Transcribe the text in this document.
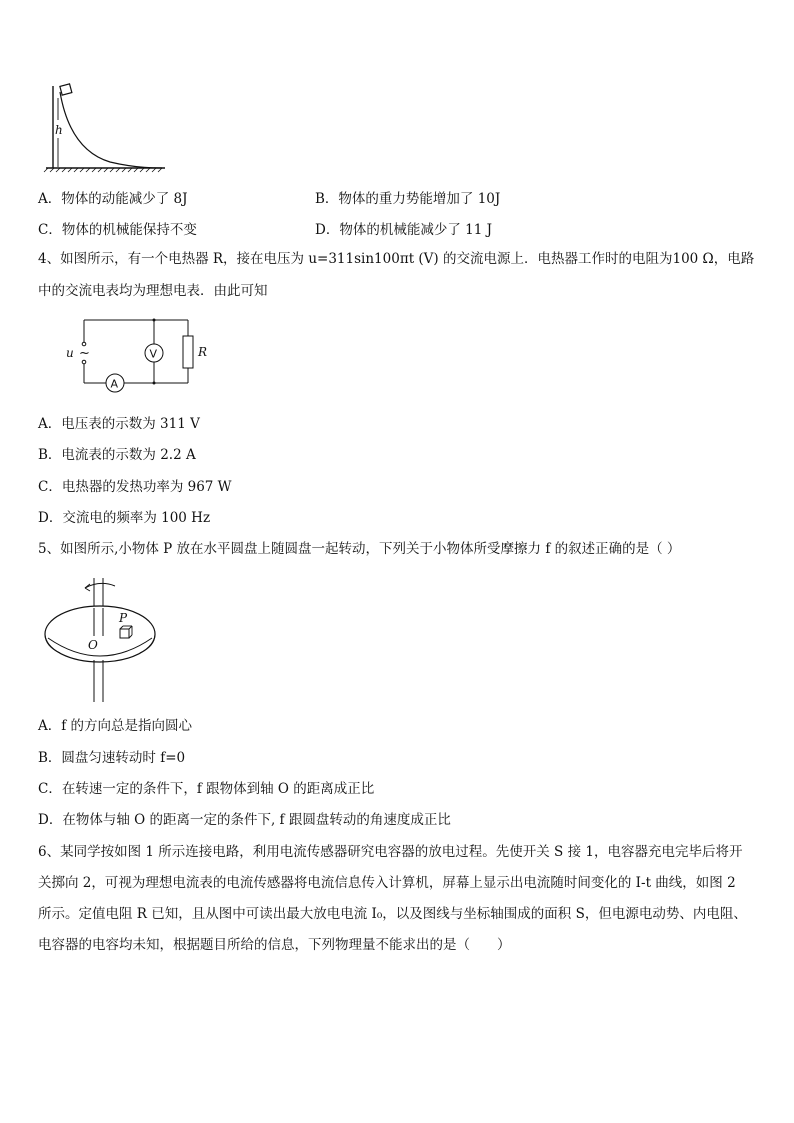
h
A．物体的动能减少了 8J	B．物体的重力势能增加了 10J
C．物体的机械能保持不变	D．物体的机械能减少了 11 J
4、如图所示，有一个电热器 R，接在电压为 u=311sin100πt (V) 的交流电源上．电热器工作时的电阻为100 Ω，电路
中的交流电表均为理想电表．由此可知
u ~	V
A
R
A．电压表的示数为 311 V
B．电流表的示数为 2.2 A
C．电热器的发热功率为 967 W
D．交流电的频率为 100 Hz
5、如图所示,小物体 P 放在水平圆盘上随圆盘一起转动，下列关于小物体所受摩擦力 f 的叙述正确的是（ ）
P
O
A．f 的方向总是指向圆心
B．圆盘匀速转动时 f=0
C．在转速一定的条件下，f 跟物体到轴 O 的距离成正比
D．在物体与轴 O 的距离一定的条件下, f 跟圆盘转动的角速度成正比
6、某同学按如图 1 所示连接电路，利用电流传感器研究电容器的放电过程。先使开关 S 接 1，电容器充电完毕后将开
关掷向 2，可视为理想电流表的电流传感器将电流信息传入计算机，屏幕上显示出电流随时间变化的 I-t 曲线，如图 2
所示。定值电阻 R 已知，且从图中可读出最大放电电流 I₀，以及图线与坐标轴围成的面积 S，但电源电动势、内电阻、
电容器的电容均未知，根据题目所给的信息，下列物理量不能求出的是（　　）
